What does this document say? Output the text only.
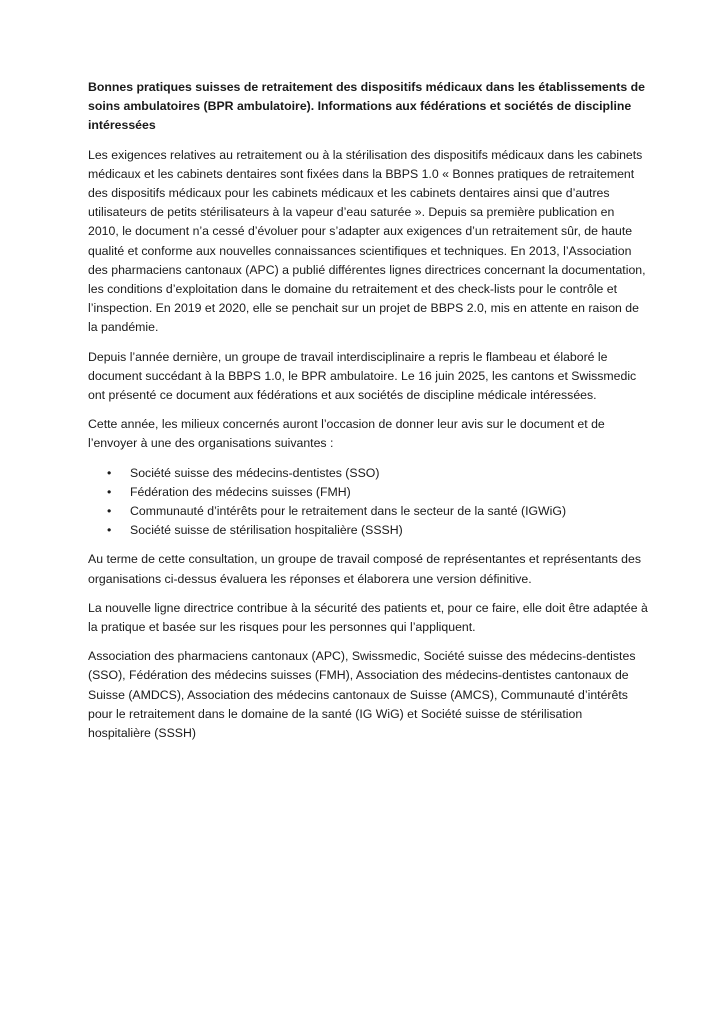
Bonnes pratiques suisses de retraitement des dispositifs médicaux dans les établissements de soins ambulatoires (BPR ambulatoire). Informations aux fédérations et sociétés de discipline intéressées

Les exigences relatives au retraitement ou à la stérilisation des dispositifs médicaux dans les cabinets médicaux et les cabinets dentaires sont fixées dans la BBPS 1.0 « Bonnes pratiques de retraitement des dispositifs médicaux pour les cabinets médicaux et les cabinets dentaires ainsi que d’autres utilisateurs de petits stérilisateurs à la vapeur d’eau saturée ». Depuis sa première publication en 2010, le document n’a cessé d’évoluer pour s’adapter aux exigences d’un retraitement sûr, de haute qualité et conforme aux nouvelles connaissances scientifiques et techniques. En 2013, l’Association des pharmaciens cantonaux (APC) a publié différentes lignes directrices concernant la documentation, les conditions d’exploitation dans le domaine du retraitement et des check-lists pour le contrôle et l’inspection. En 2019 et 2020, elle se penchait sur un projet de BBPS 2.0, mis en attente en raison de la pandémie.

Depuis l’année dernière, un groupe de travail interdisciplinaire a repris le flambeau et élaboré le document succédant à la BBPS 1.0, le BPR ambulatoire. Le 16 juin 2025, les cantons et Swissmedic ont présenté ce document aux fédérations et aux sociétés de discipline médicale intéressées.

Cette année, les milieux concernés auront l’occasion de donner leur avis sur le document et de l’envoyer à une des organisations suivantes :

• Société suisse des médecins-dentistes (SSO)
• Fédération des médecins suisses (FMH)
• Communauté d’intérêts pour le retraitement dans le secteur de la santé (IGWiG)
• Société suisse de stérilisation hospitalière (SSSH)

Au terme de cette consultation, un groupe de travail composé de représentantes et représentants des organisations ci-dessus évaluera les réponses et élaborera une version définitive.

La nouvelle ligne directrice contribue à la sécurité des patients et, pour ce faire, elle doit être adaptée à la pratique et basée sur les risques pour les personnes qui l’appliquent.

Association des pharmaciens cantonaux (APC), Swissmedic, Société suisse des médecins-dentistes (SSO), Fédération des médecins suisses (FMH), Association des médecins-dentistes cantonaux de Suisse (AMDCS), Association des médecins cantonaux de Suisse (AMCS), Communauté d’intérêts pour le retraitement dans le domaine de la santé (IG WiG) et Société suisse de stérilisation hospitalière (SSSH)
